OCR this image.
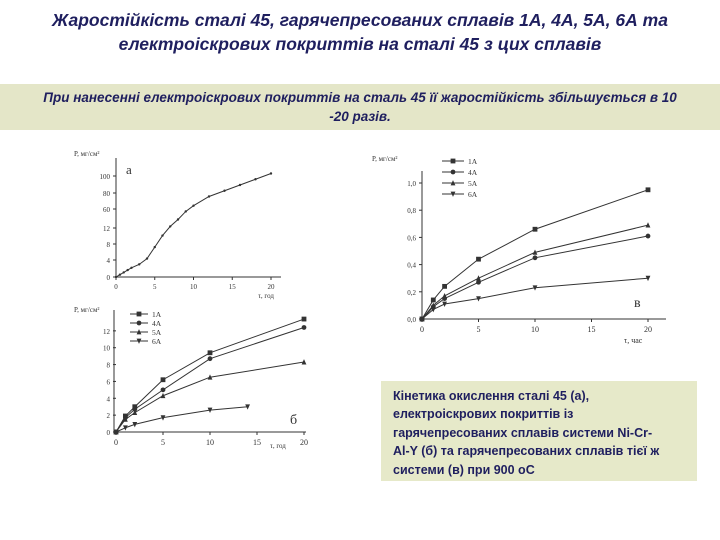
Жаростійкість сталі 45, гарячепресованих сплавів 1А, 4А, 5А, 6А та
електроіскрових покриттів на сталі 45 з цих сплавів
При нанесенні електроіскрових покриттів на сталь 45 її жаростійкість збільшується в 10
-20 разів.
а
P, мг/см²
τ, год
0	5	10	15	20
0
4
8
12
60
80
100
б
P, мг/см²
τ, год
0	5	10	15	20
0
2
4
6
8
10
12
1А
4А
5А
6А
в
P, мг/см²
τ, час
0	5	10	15	20
0,0
0,2
0,4
0,6
0,8
1,0
1А
4А
5А
6А
Кінетика окислення сталі 45 (а),
електроіскрових покриттів із
гарячепресованих сплавів системи Ni-Cr-
Al-Y (б) та гарячепресованих сплавів тієї ж
системи (в) при 900 оС
